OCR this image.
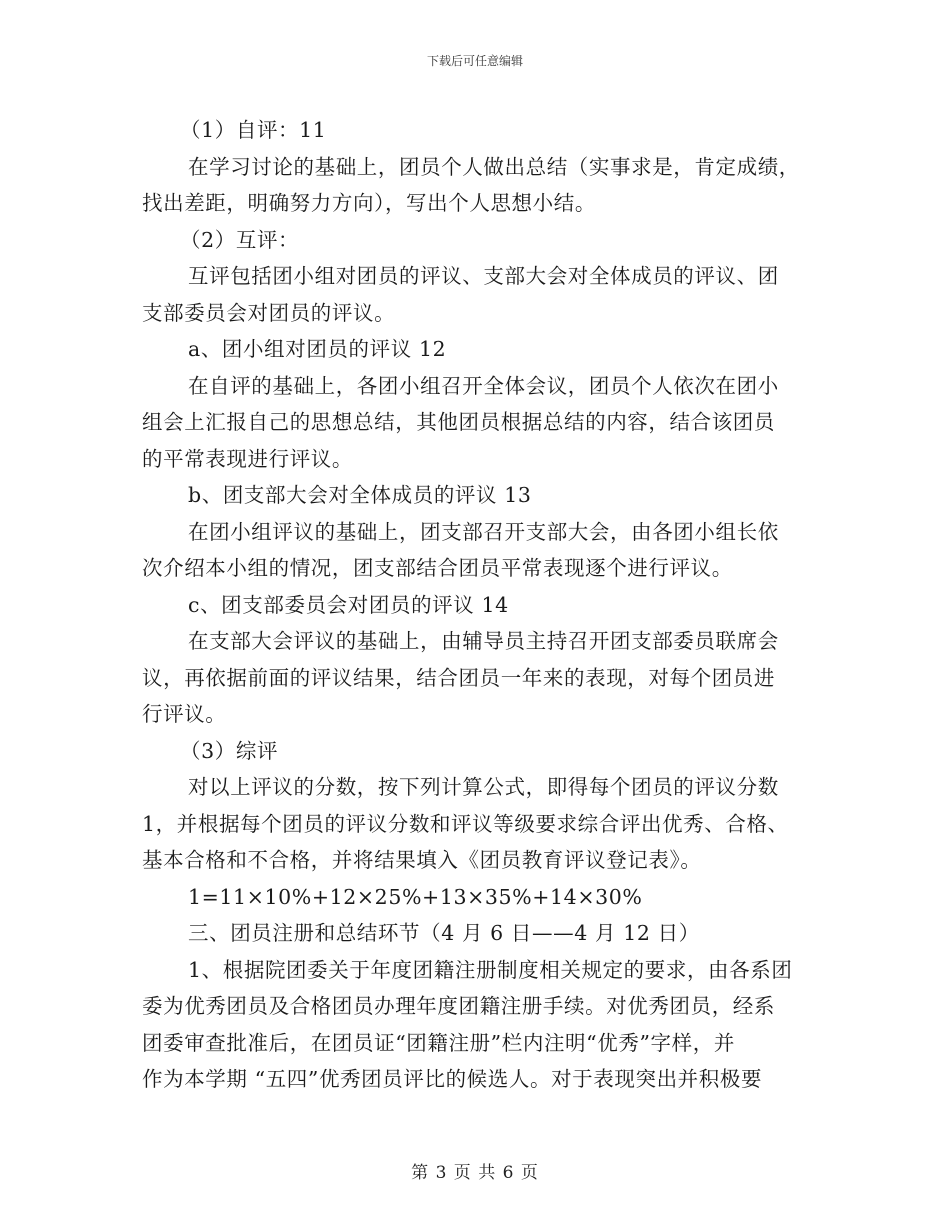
下载后可任意编辑
（1）自评：11
在学习讨论的基础上，团员个人做出总结（实事求是，肯定成绩，
找出差距，明确努力方向），写出个人思想小结。
（2）互评：
互评包括团小组对团员的评议、支部大会对全体成员的评议、团
支部委员会对团员的评议。
a、团小组对团员的评议 12
在自评的基础上，各团小组召开全体会议，团员个人依次在团小
组会上汇报自己的思想总结，其他团员根据总结的内容，结合该团员
的平常表现进行评议。
b、团支部大会对全体成员的评议 13
在团小组评议的基础上，团支部召开支部大会，由各团小组长依
次介绍本小组的情况，团支部结合团员平常表现逐个进行评议。
c、团支部委员会对团员的评议 14
在支部大会评议的基础上，由辅导员主持召开团支部委员联席会
议，再依据前面的评议结果，结合团员一年来的表现，对每个团员进
行评议。
（3）综评
对以上评议的分数，按下列计算公式，即得每个团员的评议分数
1，并根据每个团员的评议分数和评议等级要求综合评出优秀、合格、
基本合格和不合格，并将结果填入《团员教育评议登记表》。
1=11×10%+12×25%+13×35%+14×30%
三、团员注册和总结环节（4 月 6 日——4 月 12 日）
1、根据院团委关于年度团籍注册制度相关规定的要求，由各系团
委为优秀团员及合格团员办理年度团籍注册手续。对优秀团员，经系
团委审查批准后，在团员证“团籍注册”栏内注明“优秀”字样，并
作为本学期 “五四”优秀团员评比的候选人。对于表现突出并积极要
第 3 页 共 6 页
